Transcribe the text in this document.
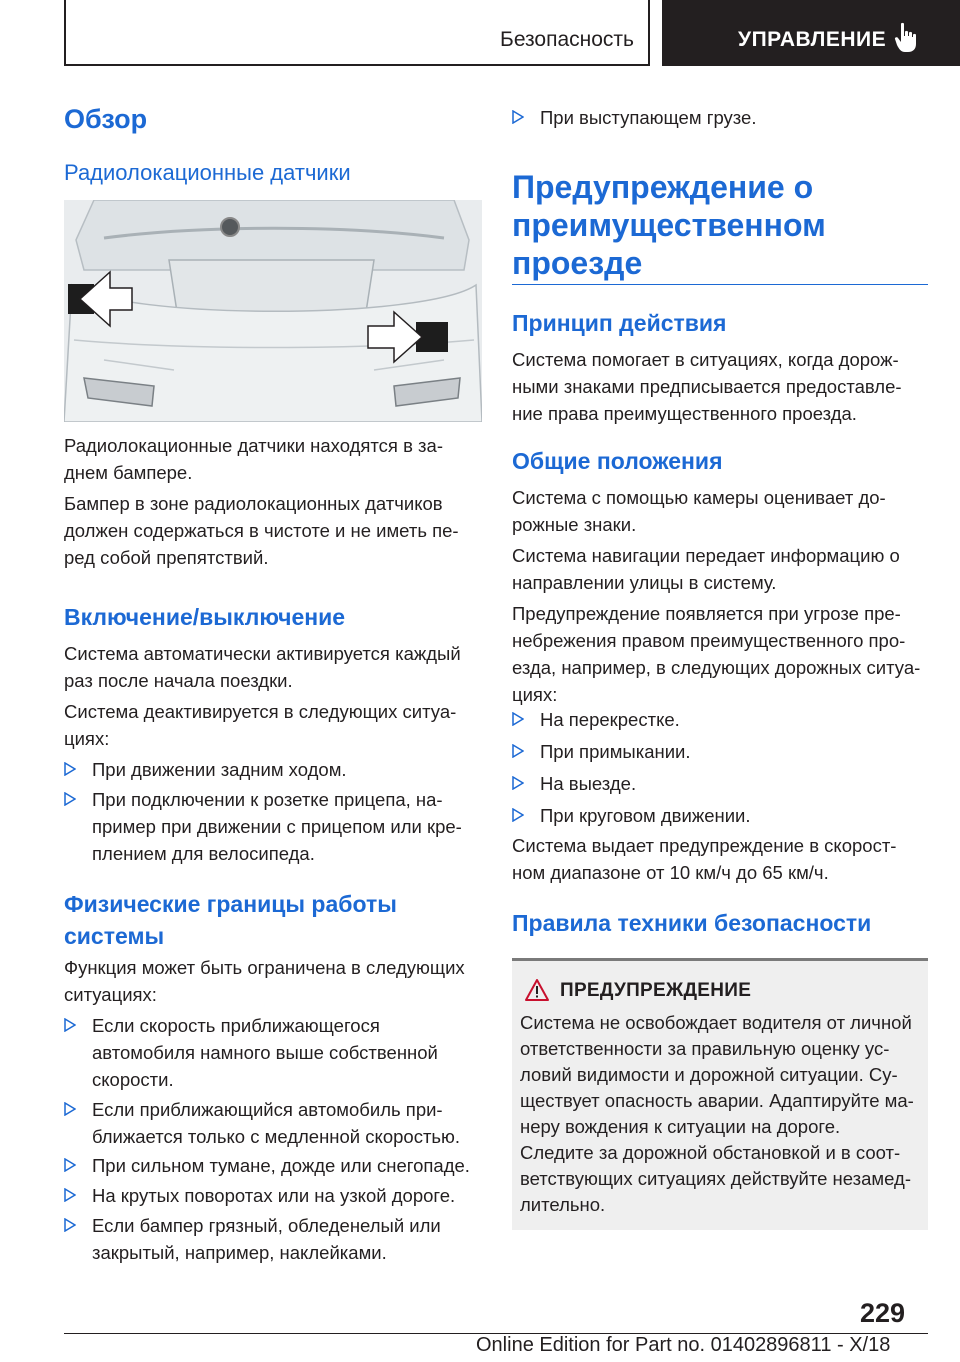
Безопасность	УПРАВЛЕНИЕ
Обзор
Радиолокационные датчики
Радиолокационные датчики находятся в за-
днем бампере.
Бампер в зоне радиолокационных датчиков
должен содержаться в чистоте и не иметь пе-
ред собой препятствий.
Включение/выключение
Система автоматически активируется каждый
раз после начала поездки.
Система деактивируется в следующих ситуа-
циях:
При движении задним ходом.
При подключении к розетке прицепа, на-
пример при движении с прицепом или кре-
плением для велосипеда.
Физические границы работы
системы
Функция может быть ограничена в следующих
ситуациях:
Если скорость приближающегося
автомобиля намного выше собственной
скорости.
Если приближающийся автомобиль при-
ближается только с медленной скоростью.
При сильном тумане, дожде или снегопаде.
На крутых поворотах или на узкой дороге.
Если бампер грязный, обледенелый или
закрытый, например, наклейками.
При выступающем грузе.
Предупреждение о
преимущественном
проезде
Принцип действия
Система помогает в ситуациях, когда дорож-
ными знаками предписывается предоставле-
ние права преимущественного проезда.
Общие положения
Система с помощью камеры оценивает до-
рожные знаки.
Система навигации передает информацию о
направлении улицы в систему.
Предупреждение появляется при угрозе пре-
небрежения правом преимущественного про-
езда, например, в следующих дорожных ситуа-
циях:
На перекрестке.
При примыкании.
На выезде.
При круговом движении.
Система выдает предупреждение в скорост-
ном диапазоне от 10 км/ч до 65 км/ч.
Правила техники безопасности
ПРЕДУПРЕЖДЕНИЕ
Система не освобождает водителя от личной
ответственности за правильную оценку ус-
ловий видимости и дорожной ситуации. Су-
ществует опасность аварии. Адаптируйте ма-
неру вождения к ситуации на дороге.
Следите за дорожной обстановкой и в соот-
ветствующих ситуациях действуйте незамед-
лительно.
229
Online Edition for Part no. 01402896811 - X/18
